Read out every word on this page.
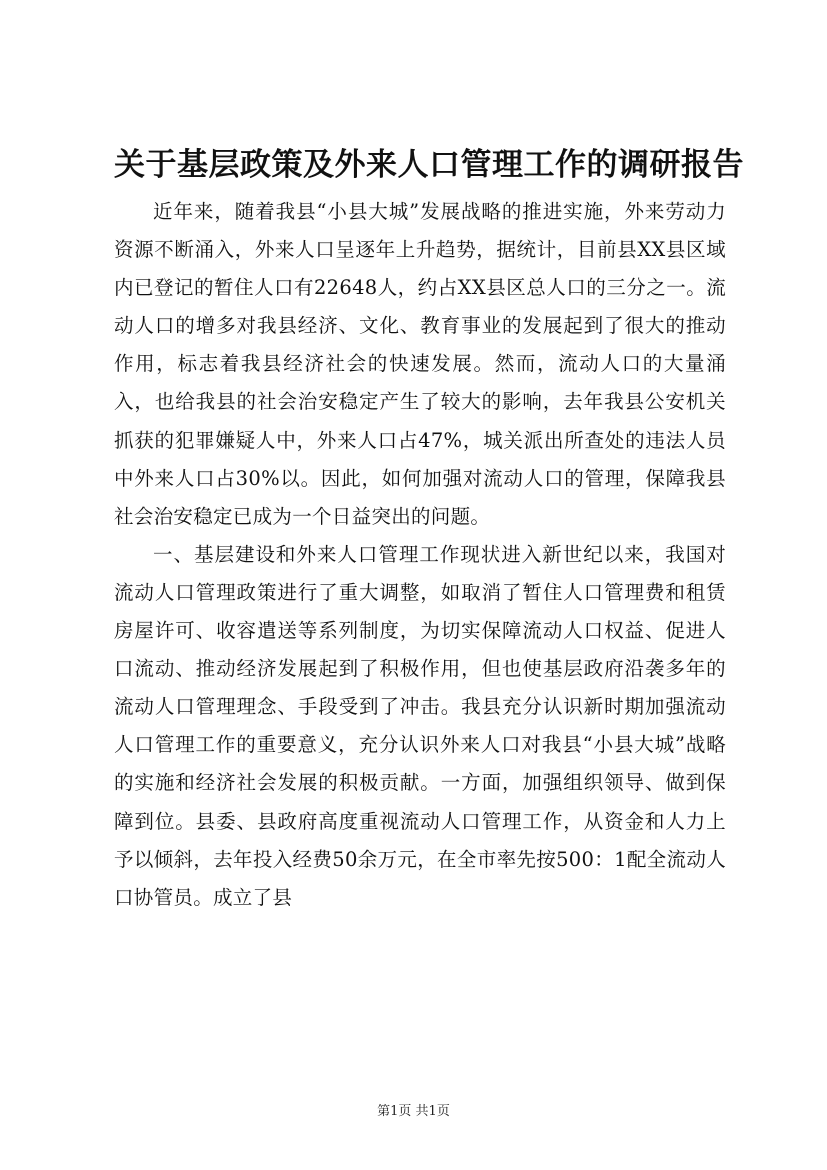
关于基层政策及外来人口管理工作的调研报告

近年来，随着我县“小县大城”发展战略的推进实施，外来劳动力资源不断涌入，外来人口呈逐年上升趋势，据统计，目前县XX县区域内已登记的暂住人口有22648人，约占XX县区总人口的三分之一。流动人口的增多对我县经济、文化、教育事业的发展起到了很大的推动作用，标志着我县经济社会的快速发展。然而，流动人口的大量涌入，也给我县的社会治安稳定产生了较大的影响，去年我县公安机关抓获的犯罪嫌疑人中，外来人口占47%，城关派出所查处的违法人员中外来人口占30%以。因此，如何加强对流动人口的管理，保障我县社会治安稳定已成为一个日益突出的问题。

一、基层建设和外来人口管理工作现状进入新世纪以来，我国对流动人口管理政策进行了重大调整，如取消了暂住人口管理费和租赁房屋许可、收容遣送等系列制度，为切实保障流动人口权益、促进人口流动、推动经济发展起到了积极作用，但也使基层政府沿袭多年的流动人口管理理念、手段受到了冲击。我县充分认识新时期加强流动人口管理工作的重要意义，充分认识外来人口对我县“小县大城”战略的实施和经济社会发展的积极贡献。一方面，加强组织领导、做到保障到位。县委、县政府高度重视流动人口管理工作，从资金和人力上予以倾斜，去年投入经费50余万元，在全市率先按500：1配全流动人口协管员。成立了县

第1页 共1页
